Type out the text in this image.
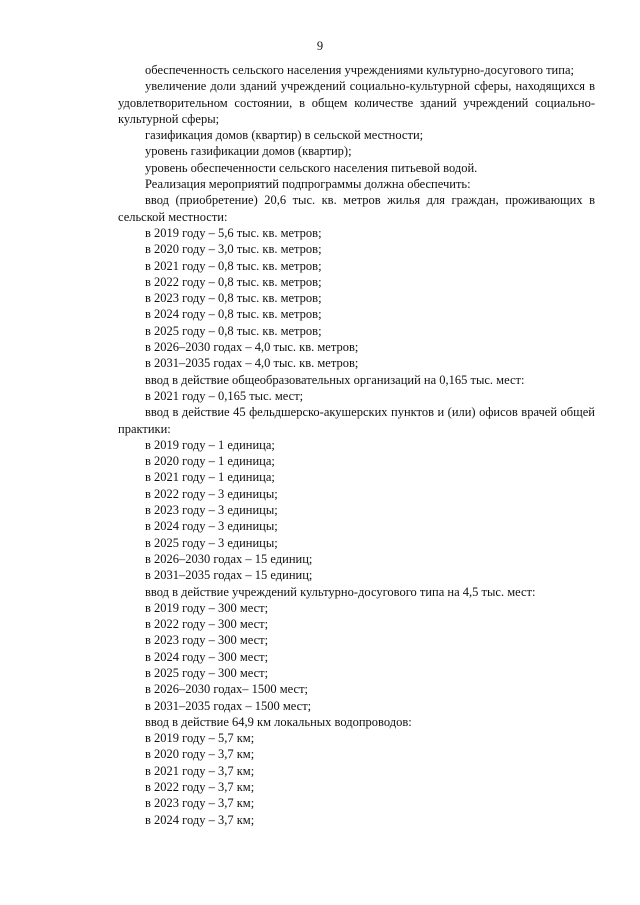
9

обеспеченность сельского населения учреждениями культурно-досугового типа;

увеличение доли зданий учреждений социально-культурной сферы, находящихся в удовлетворительном состоянии, в общем количестве зданий учреждений социально-культурной сферы;

газификация домов (квартир) в сельской местности;

уровень газификации домов (квартир);

уровень обеспеченности сельского населения питьевой водой.

Реализация мероприятий подпрограммы должна обеспечить:

ввод (приобретение) 20,6 тыс. кв. метров жилья для граждан, проживающих в сельской местности:

в 2019 году – 5,6 тыс. кв. метров;

в 2020 году – 3,0 тыс. кв. метров;

в 2021 году – 0,8 тыс. кв. метров;

в 2022 году – 0,8 тыс. кв. метров;

в 2023 году – 0,8 тыс. кв. метров;

в 2024 году – 0,8 тыс. кв. метров;

в 2025 году – 0,8 тыс. кв. метров;

в 2026–2030 годах – 4,0 тыс. кв. метров;

в 2031–2035 годах – 4,0 тыс. кв. метров;

ввод в действие общеобразовательных организаций на 0,165 тыс. мест:

в 2021 году – 0,165 тыс. мест;

ввод в действие 45 фельдшерско-акушерских пунктов и (или) офисов врачей общей практики:

в 2019 году – 1 единица;

в 2020 году – 1 единица;

в 2021 году – 1 единица;

в 2022 году – 3 единицы;

в 2023 году – 3 единицы;

в 2024 году – 3 единицы;

в 2025 году – 3 единицы;

в 2026–2030 годах – 15 единиц;

в 2031–2035 годах – 15 единиц;

ввод в действие учреждений культурно-досугового типа на 4,5 тыс. мест:

в 2019 году – 300 мест;

в 2022 году – 300 мест;

в 2023 году – 300 мест;

в 2024 году – 300 мест;

в 2025 году – 300 мест;

в 2026–2030 годах– 1500 мест;

в 2031–2035 годах – 1500 мест;

ввод в действие 64,9 км локальных водопроводов:

в 2019 году – 5,7 км;

в 2020 году – 3,7 км;

в 2021 году – 3,7 км;

в 2022 году – 3,7 км;

в 2023 году – 3,7 км;

в 2024 году – 3,7 км;
